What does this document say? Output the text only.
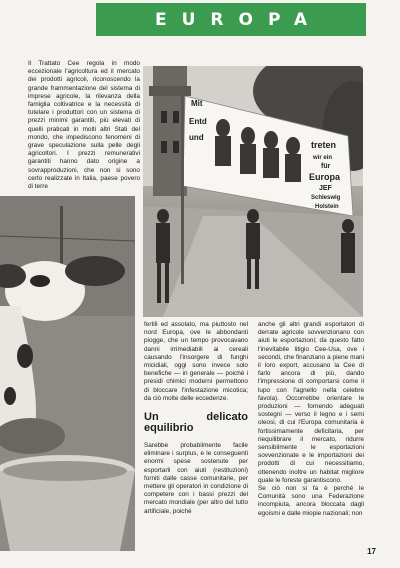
EUROPA
treten
wir ein
für
Europa
JEF
Schleswig
Holstein
Mit
Entd
und

Il Trattato Cee regola in modo eccezionale l'agricoltura ed il mercato dei prodotti agricoli, riconoscendo la grande frammentazione del sistema di imprese agricole, la rilevanza della famiglia coltivatrice e la necessità di tutelare i produttori con un sistema di prezzi minimi garantiti, più elevati di quelli praticati in molti altri Stati del mondo, che impediscono fenomeni di grave speculazione sulla pelle degli agricoltori. I prezzi remunerativi garantiti hanno dato origine a sovrapproduzioni, che non si sono certo realizzate in Italia, paese povero di terre

fertili ed assolato, ma piuttosto nel nord Europa, ove le abbondanti piogge, che un tempo provocavano danni irrimediabili ai cereali causando l'insorgere di funghi micidiali, oggi sono invece solo benefiche — in generale — poiché i presidi chimici moderni permettono di bloccare l'infestazione micotica; da ciò molte delle eccedenze.

Un delicato equilibrio

Sarebbe probabilmente facile eliminare i surplus, e le conseguenti enormi spese sostenute per esportarli con aiuti (restituzioni) forniti dalle casse comunitarie, per mettere gli operatori in condizione di competere con i bassi prezzi del mercato mondiale (per altro del tutto artificiale, poiché

anche gli altri grandi esportatori di derrate agricole sovvenzionano con aiuti le esportazioni; da questo fatto l'inevitabile litigio Cee-Usa, ove i secondi, che finanziano a piene mani il loro export, accusano la Cee di farlo ancora di più, dando l'impressione di comportarsi come il lupo con l'agnello nella celebre favola). Occorrebbe orientare le produzioni — fornendo adeguati sostegni — verso il legno e i semi oleosi, di cui l'Europa comunitaria è fortissimamente deficitaria, per riequilibrare il mercato, ridurre sensibilmente le esportazioni sovvenzionate e le importazioni dei prodotti di cui necessitiamo, ottenendo inoltre un habitat migliore quale le foreste garantiscono.

Se ciò non si fa è perché le Comunità sono una Federazione incompiuta, ancora bloccata dagli egoismi e dalle miopie nazionali; non

17
